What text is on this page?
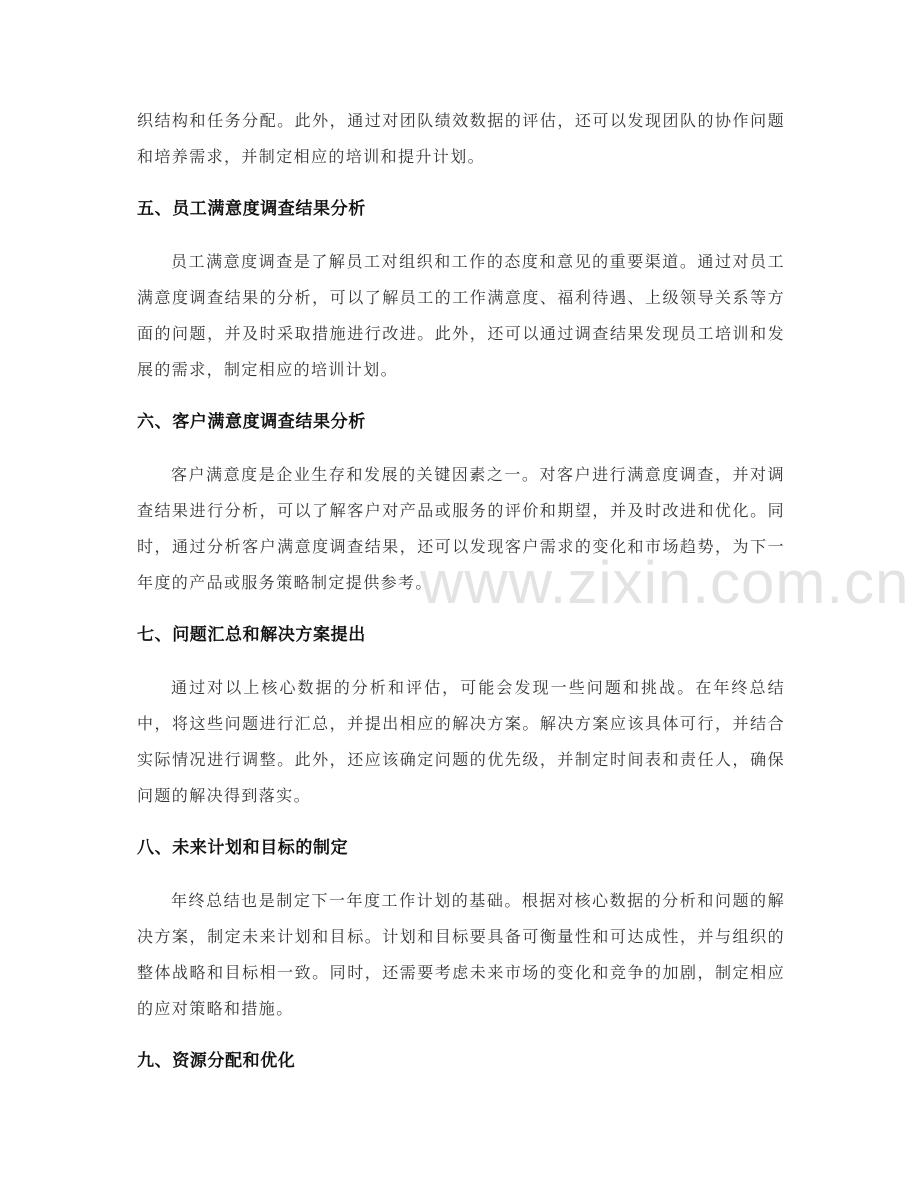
www.zixin.com.cn

织结构和任务分配。此外，通过对团队绩效数据的评估，还可以发现团队的协作问题和培养需求，并制定相应的培训和提升计划。

五、员工满意度调查结果分析

员工满意度调查是了解员工对组织和工作的态度和意见的重要渠道。通过对员工满意度调查结果的分析，可以了解员工的工作满意度、福利待遇、上级领导关系等方面的问题，并及时采取措施进行改进。此外，还可以通过调查结果发现员工培训和发展的需求，制定相应的培训计划。

六、客户满意度调查结果分析

客户满意度是企业生存和发展的关键因素之一。对客户进行满意度调查，并对调查结果进行分析，可以了解客户对产品或服务的评价和期望，并及时改进和优化。同时，通过分析客户满意度调查结果，还可以发现客户需求的变化和市场趋势，为下一年度的产品或服务策略制定提供参考。

七、问题汇总和解决方案提出

通过对以上核心数据的分析和评估，可能会发现一些问题和挑战。在年终总结中，将这些问题进行汇总，并提出相应的解决方案。解决方案应该具体可行，并结合实际情况进行调整。此外，还应该确定问题的优先级，并制定时间表和责任人，确保问题的解决得到落实。

八、未来计划和目标的制定

年终总结也是制定下一年度工作计划的基础。根据对核心数据的分析和问题的解决方案，制定未来计划和目标。计划和目标要具备可衡量性和可达成性，并与组织的整体战略和目标相一致。同时，还需要考虑未来市场的变化和竞争的加剧，制定相应的应对策略和措施。

九、资源分配和优化
